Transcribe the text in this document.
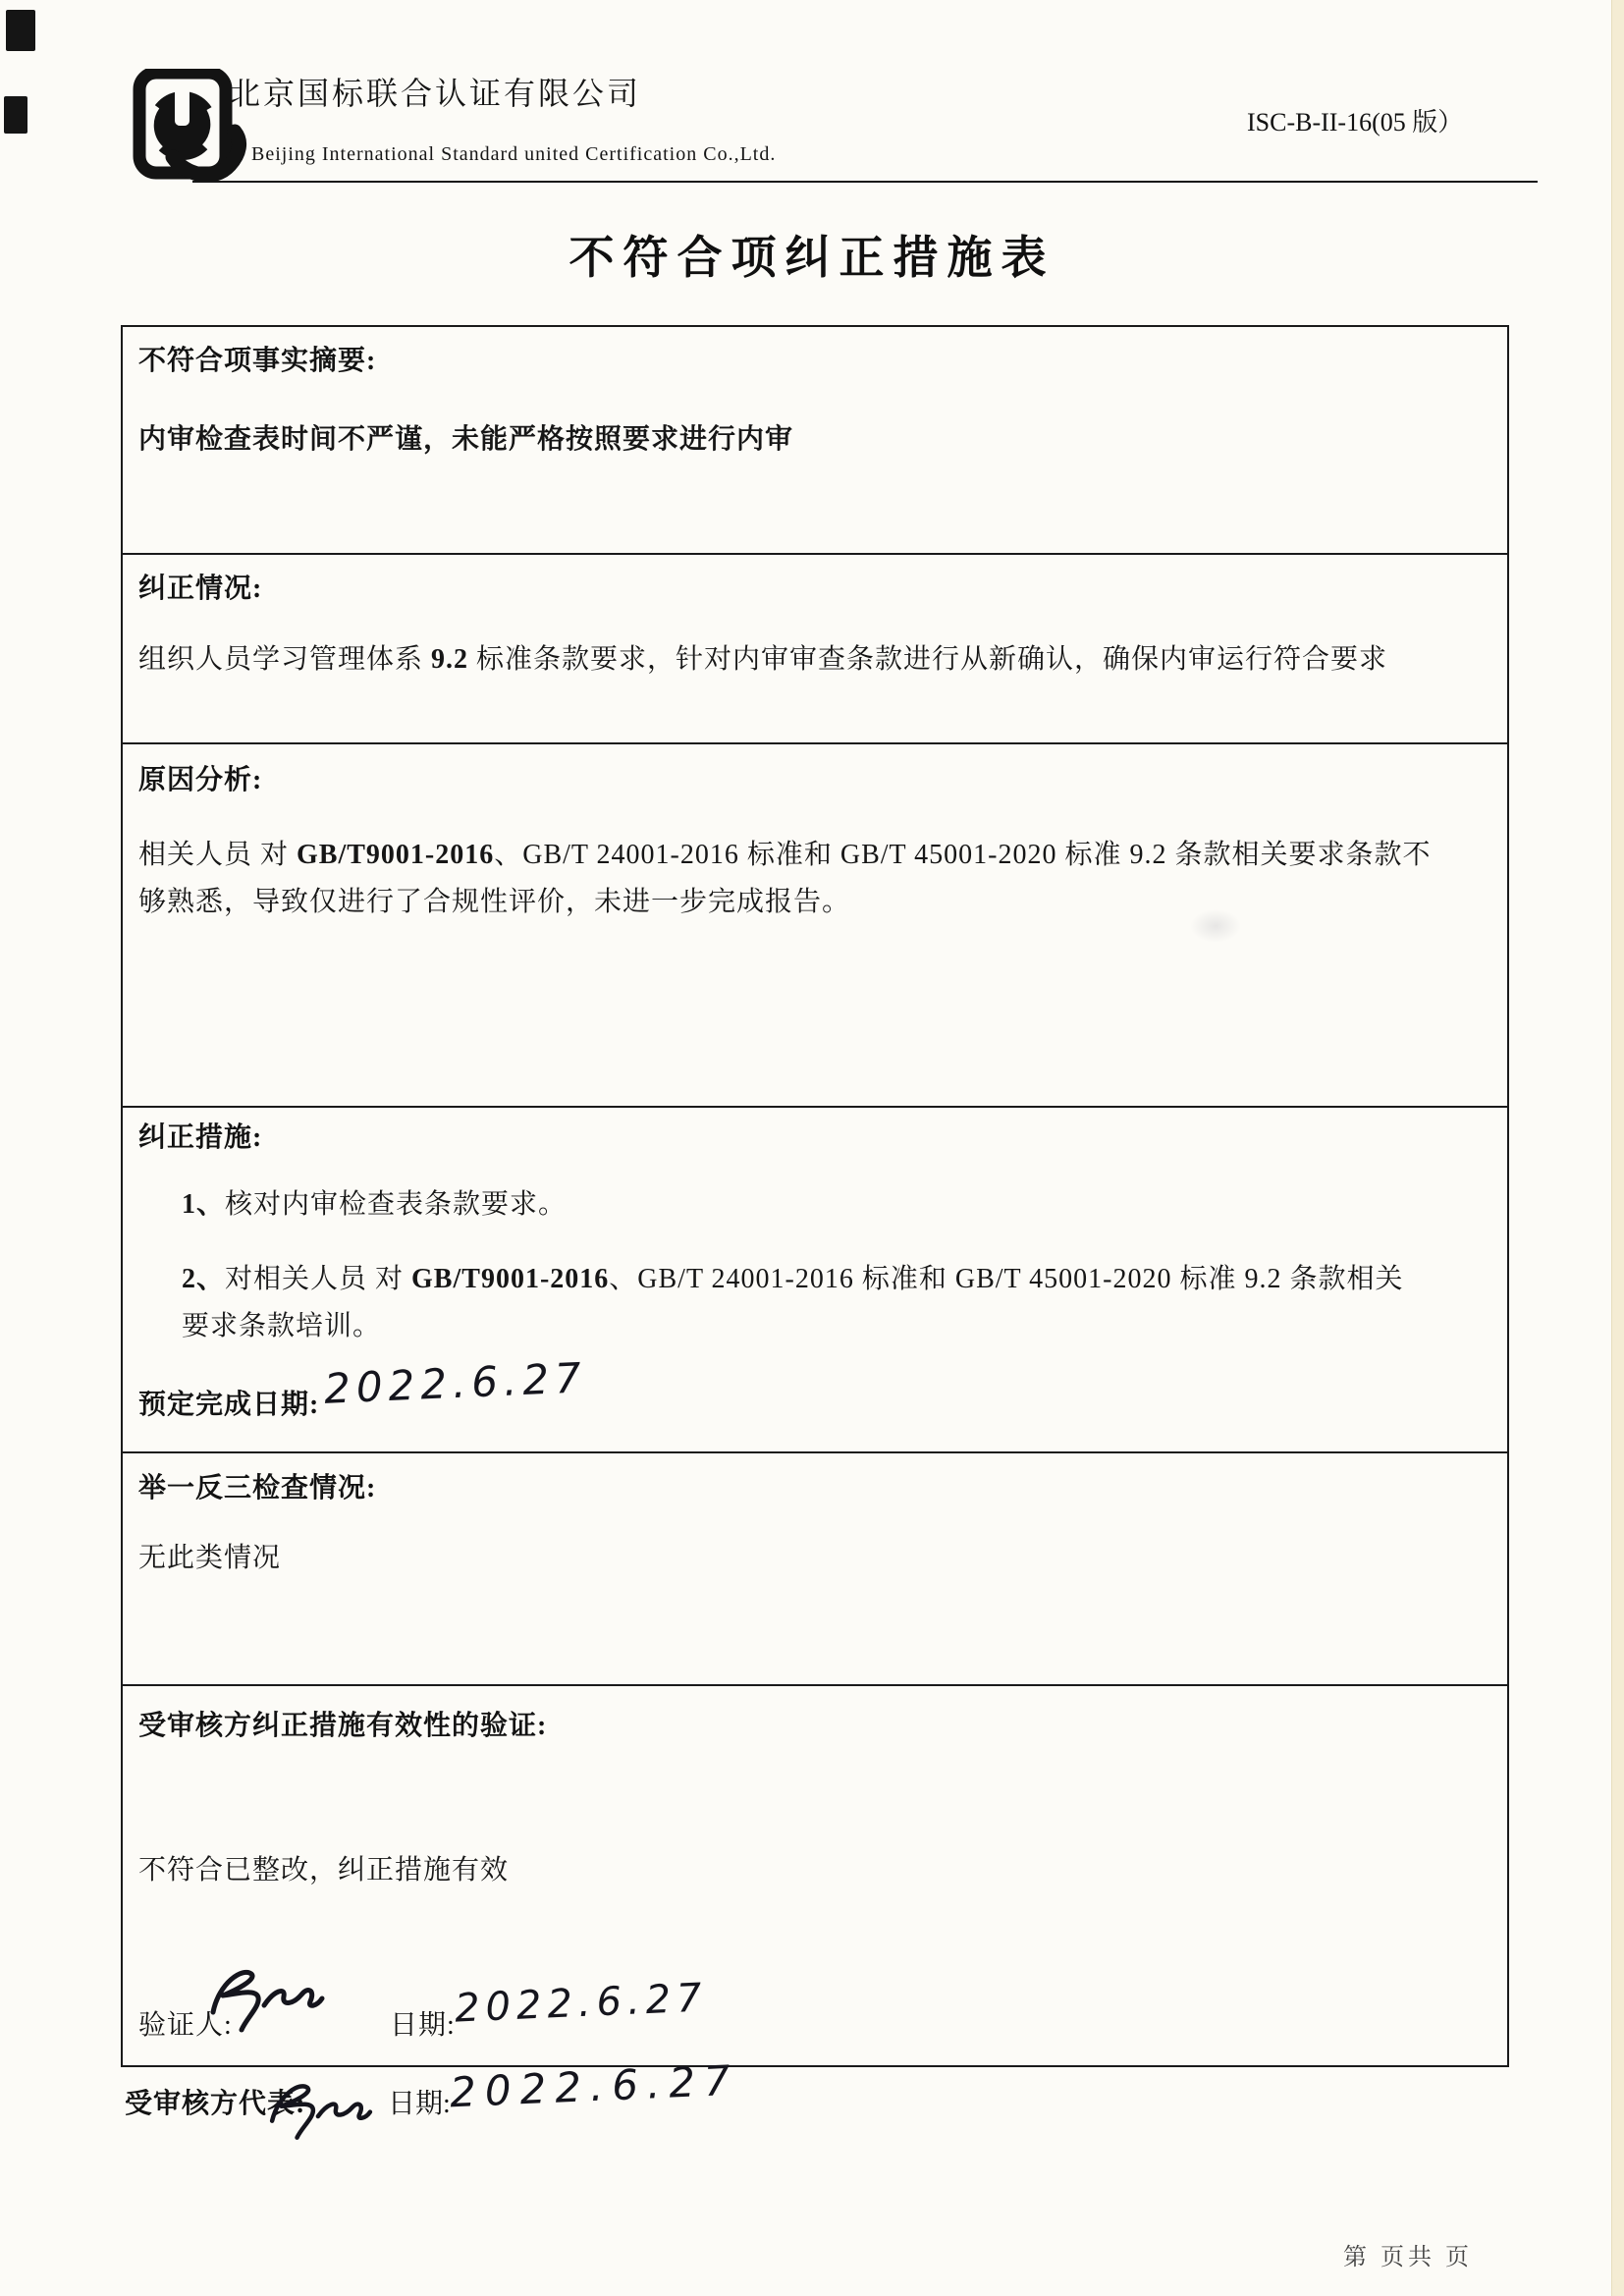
北京国标联合认证有限公司
Beijing International Standard united Certification Co.,Ltd.
ISC-B-II-16(05 版）
不符合项纠正措施表
不符合项事实摘要:
内审检查表时间不严谨，未能严格按照要求进行内审
纠正情况:
组织人员学习管理体系 9.2 标准条款要求，针对内审审查条款进行从新确认，确保内审运行符合要求
原因分析:
相关人员 对 GB/T9001-2016、GB/T 24001-2016 标准和 GB/T 45001-2020 标准 9.2 条款相关要求条款不
够熟悉，导致仅进行了合规性评价，未进一步完成报告。
纠正措施:
1、核对内审检查表条款要求。
2、对相关人员 对 GB/T9001-2016、GB/T 24001-2016 标准和 GB/T 45001-2020 标准 9.2 条款相关
要求条款培训。
预定完成日期: 2022.6.27
举一反三检查情况:
无此类情况
受审核方纠正措施有效性的验证:
不符合已整改，纠正措施有效
验证人:	日期:
2022.6.27
受审核方代表:	日期:
2022.6.27
第 页共 页
